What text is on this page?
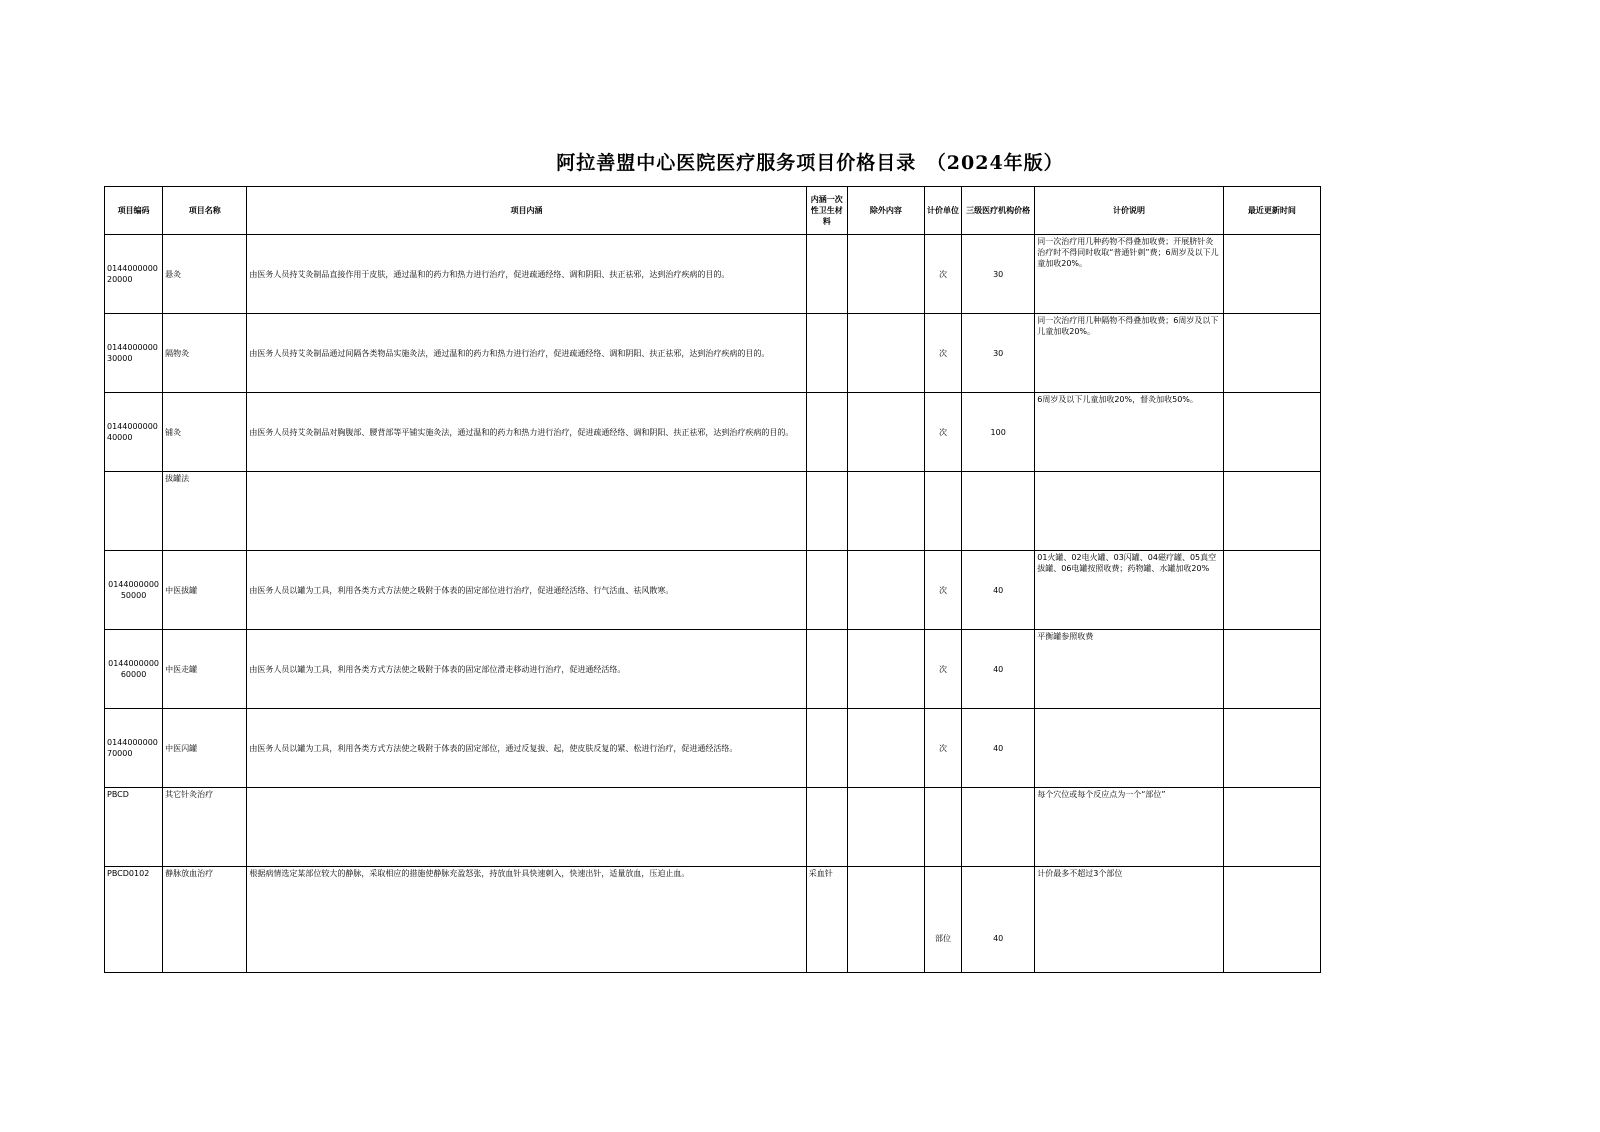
阿拉善盟中心医院医疗服务项目价格目录　（2024年版）
项目编码	项目名称	项目内涵	内涵一次性卫生材料	除外内容	计价单位	三级医疗机构价格	计价说明	最近更新时间
014400000020000	悬灸	由医务人员持艾灸制品直接作用于皮肤，通过温和的药力和热力进行治疗，促进疏通经络、调和阴阳、扶正祛邪，达到治疗疾病的目的。			次	30	同一次治疗用几种药物不得叠加收费；开展脐针灸治疗时不得同时收取“普通针刺”费；6周岁及以下儿童加收20%。	
014400000030000	隔物灸	由医务人员持艾灸制品通过间隔各类物品实施灸法，通过温和的药力和热力进行治疗，促进疏通经络、调和阴阳、扶正祛邪，达到治疗疾病的目的。			次	30	同一次治疗用几种隔物不得叠加收费；6周岁及以下儿童加收20%。	
014400000040000	铺灸	由医务人员持艾灸制品对胸腹部、腰背部等平铺实施灸法，通过温和的药力和热力进行治疗，促进疏通经络、调和阴阳、扶正祛邪，达到治疗疾病的目的。			次	100	6周岁及以下儿童加收20%，督灸加收50%。	
	拔罐法							
014400000050000	中医拔罐	由医务人员以罐为工具，利用各类方式方法使之吸附于体表的固定部位进行治疗，促进通经活络、行气活血、祛风散寒。			次	40	01火罐、02电火罐、03闪罐、04磁疗罐、05真空拔罐、06电罐按照收费；药物罐、水罐加收20%	
014400000060000	中医走罐	由医务人员以罐为工具，利用各类方式方法使之吸附于体表的固定部位滑走移动进行治疗，促进通经活络。			次	40	平衡罐参照收费	
014400000070000	中医闪罐	由医务人员以罐为工具，利用各类方式方法使之吸附于体表的固定部位，通过反复拔、起，使皮肤反复的紧、松进行治疗，促进通经活络。			次	40		
PBCD	其它针灸治疗						每个穴位或每个反应点为一个“部位”	
PBCD0102	静脉放血治疗	根据病情选定某部位较大的静脉，采取相应的措施使静脉充盈怒张，持放血针具快速刺入，快速出针，适量放血，压迫止血。	采血针		部位	40	计价最多不超过3个部位	
